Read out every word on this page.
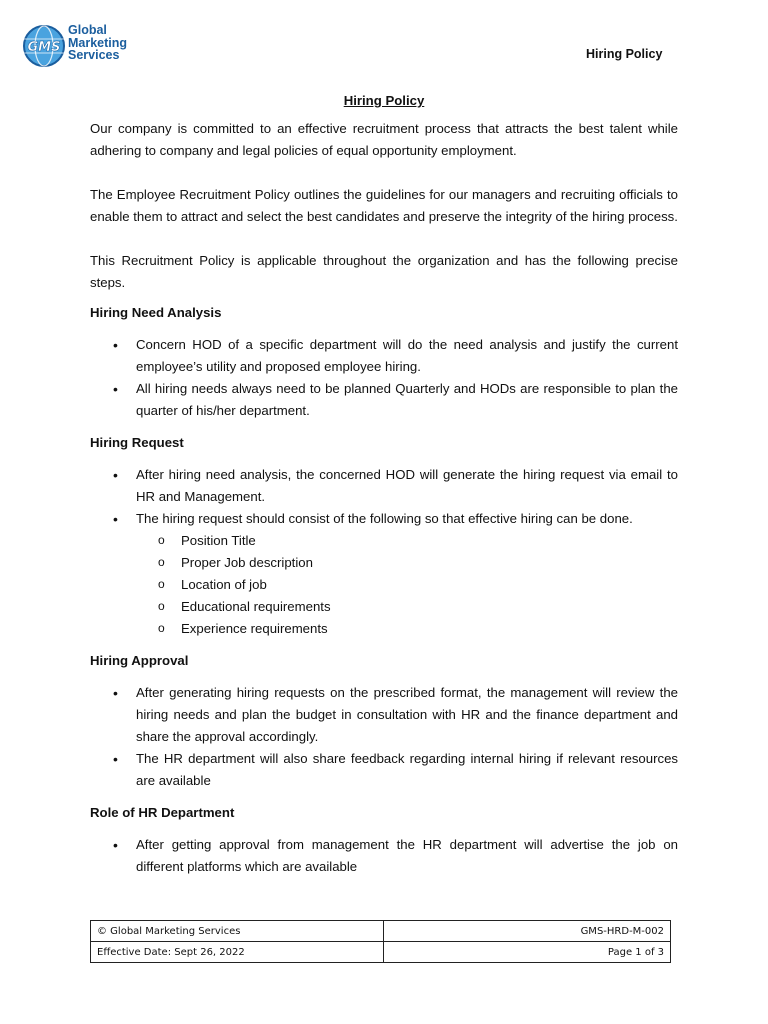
GMS
Global
Marketing
Services	Hiring Policy
Hiring Policy

Our company is committed to an effective recruitment process that attracts the best talent while adhering to company and legal policies of equal opportunity employment.

The Employee Recruitment Policy outlines the guidelines for our managers and recruiting officials to enable them to attract and select the best candidates and preserve the integrity of the hiring process.

This Recruitment Policy is applicable throughout the organization and has the following precise steps.

Hiring Need Analysis
• Concern HOD of a specific department will do the need analysis and justify the current employee’s utility and proposed employee hiring.
• All hiring needs always need to be planned Quarterly and HODs are responsible to plan the quarter of his/her department.
Hiring Request
• After hiring need analysis, the concerned HOD will generate the hiring request via email to HR and Management.
• The hiring request should consist of the following so that effective hiring can be done.
o Position Title
o Proper Job description
o Location of job
o Educational requirements
o Experience requirements
Hiring Approval
• After generating hiring requests on the prescribed format, the management will review the hiring needs and plan the budget in consultation with HR and the finance department and share the approval accordingly.
• The HR department will also share feedback regarding internal hiring if relevant resources are available
Role of HR Department
• After getting approval from management the HR department will advertise the job on different platforms which are available
© Global Marketing Services	GMS-HRD-M-002
Effective Date: Sept 26, 2022	Page 1 of 3
